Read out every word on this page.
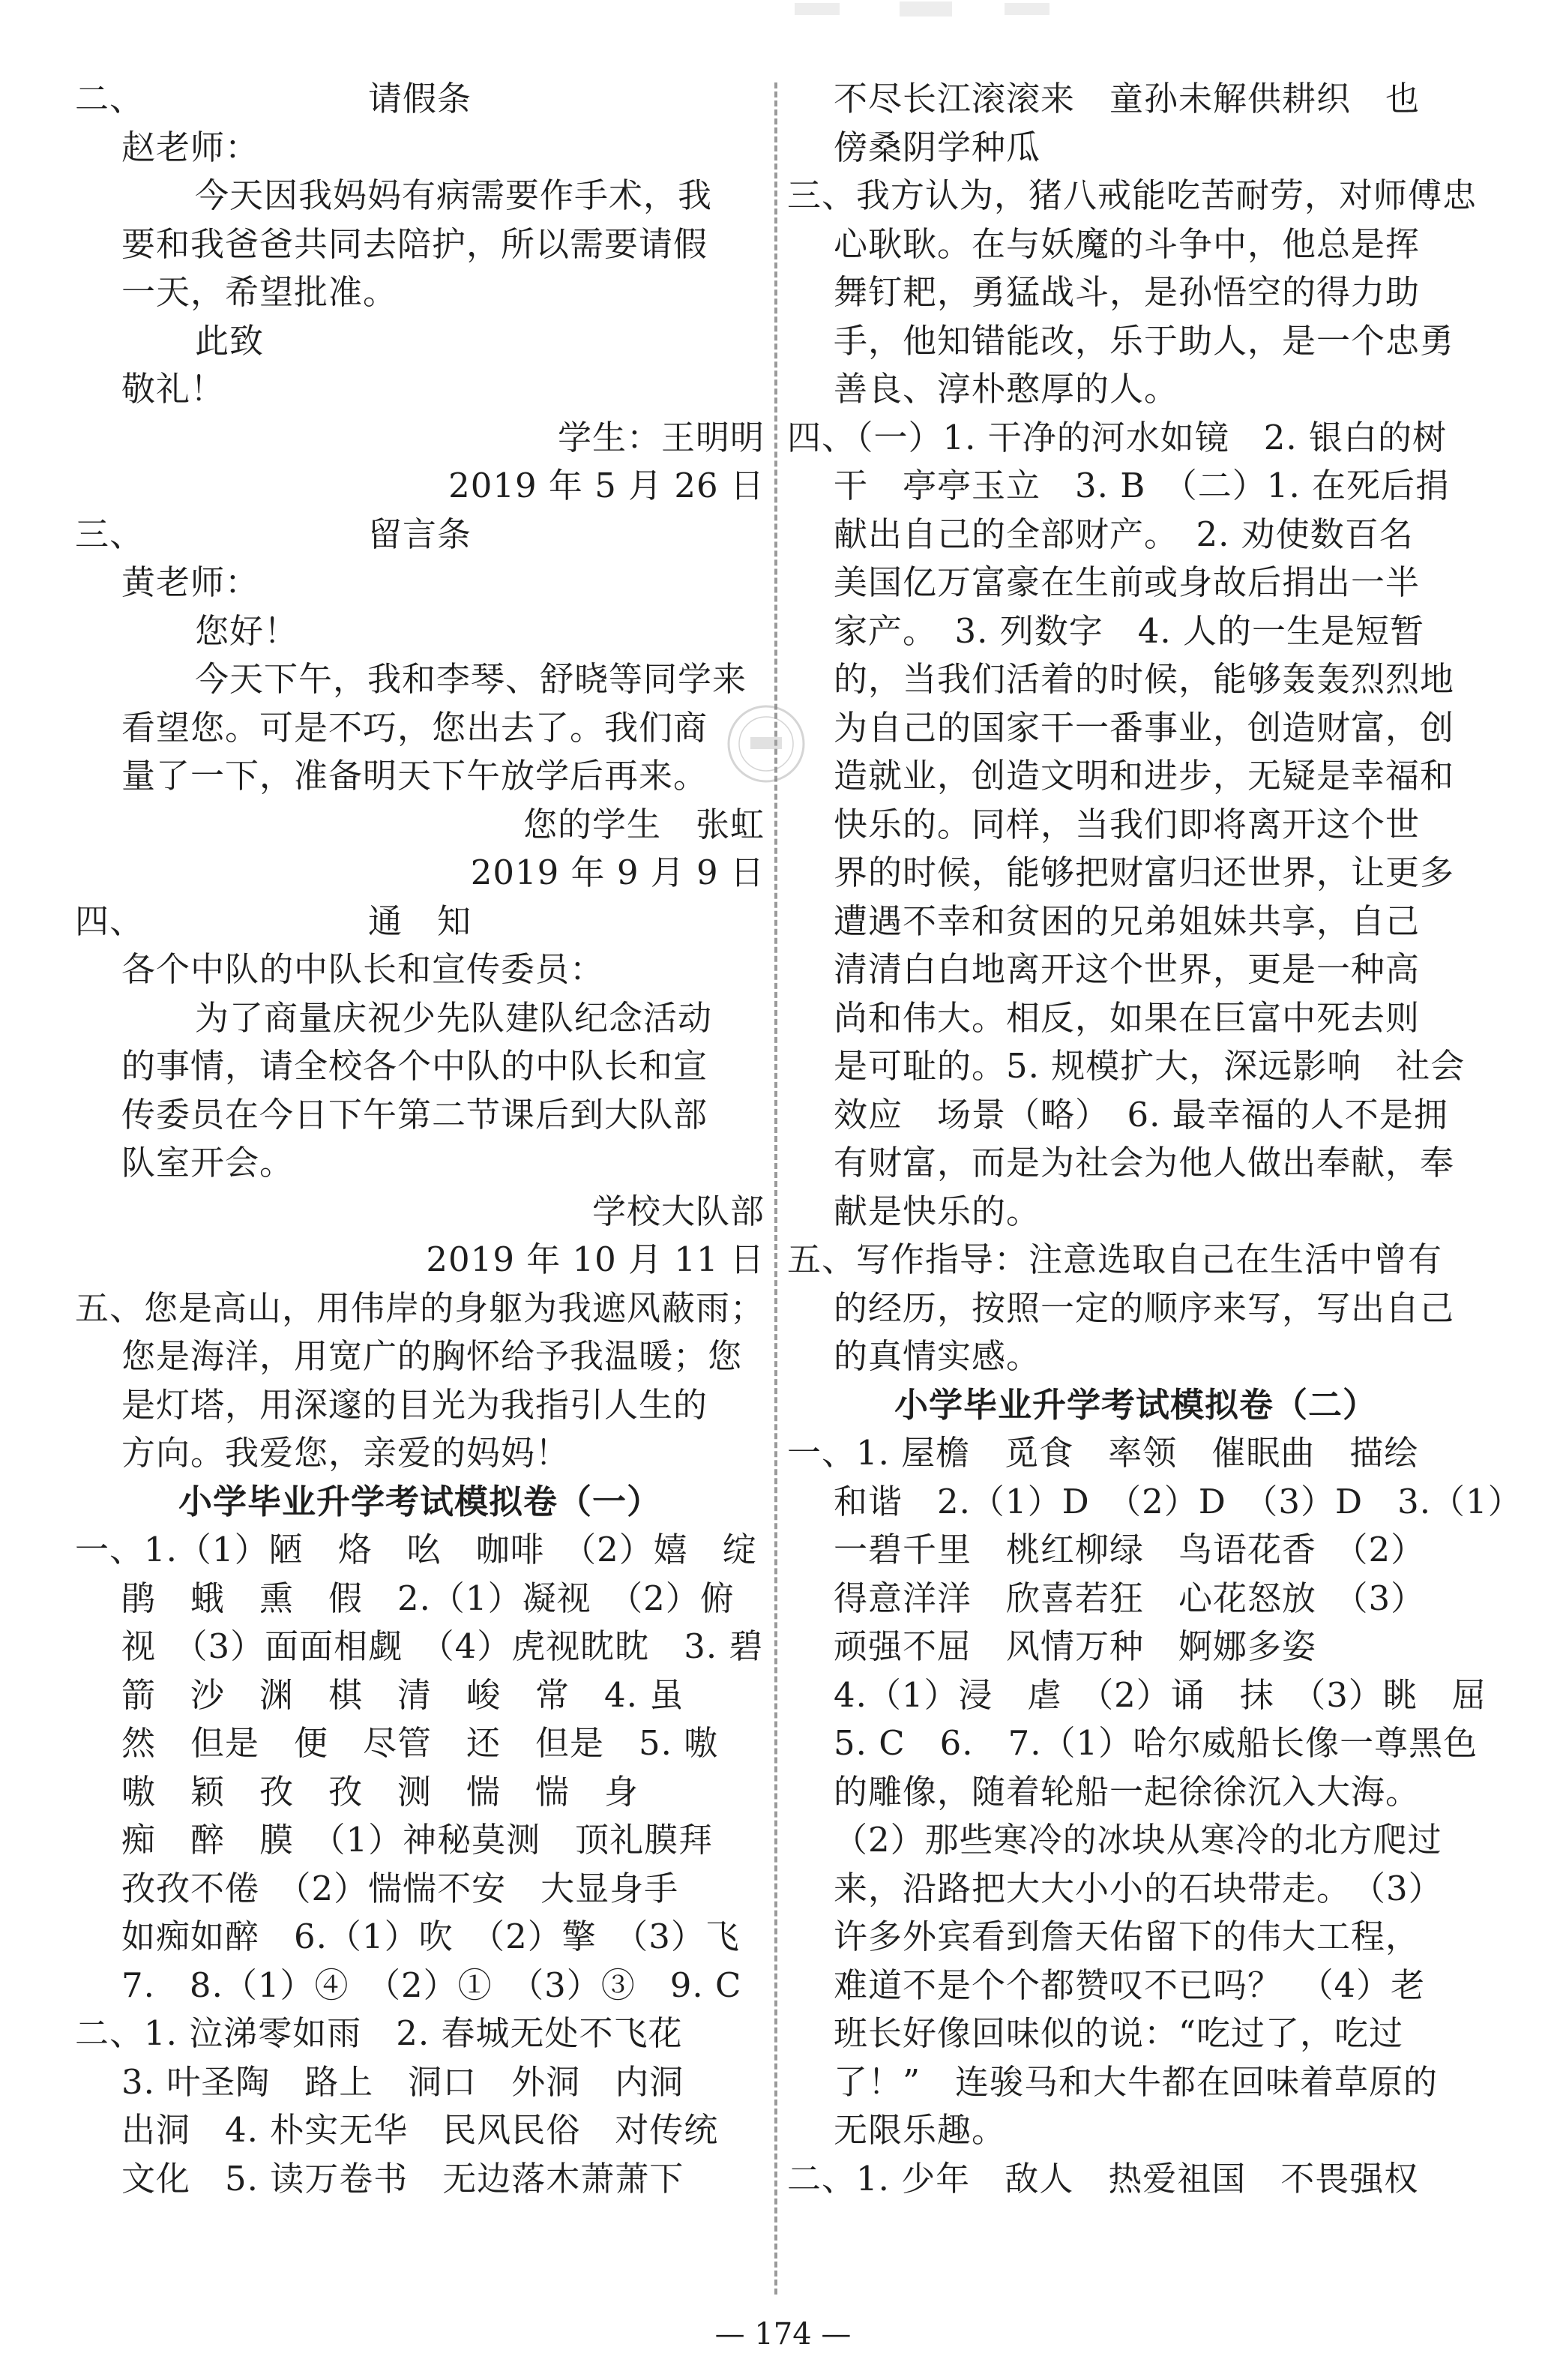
二、	请假条
赵老师：
今天因我妈妈有病需要作手术，我
要和我爸爸共同去陪护，所以需要请假
一天，希望批准。
此致
敬礼！
学生：王明明
2019 年 5 月 26 日
三、	留言条
黄老师：
您好！
今天下午，我和李琴、舒晓等同学来
看望您。可是不巧，您出去了。我们商
量了一下，准备明天下午放学后再来。
您的学生　张虹
2019 年 9 月 9 日
四、	通　知
各个中队的中队长和宣传委员：
为了商量庆祝少先队建队纪念活动
的事情，请全校各个中队的中队长和宣
传委员在今日下午第二节课后到大队部
队室开会。
学校大队部
2019 年 10 月 11 日
五、您是高山，用伟岸的身躯为我遮风蔽雨；
您是海洋，用宽广的胸怀给予我温暖；您
是灯塔，用深邃的目光为我指引人生的
方向。我爱您，亲爱的妈妈！
小学毕业升学考试模拟卷（一）
一、1.（1）陋　烙　吆　咖啡　（2）嬉　绽
鹃　蛾　熏　假　2.（1）凝视　（2）俯
视　（3）面面相觑　（4）虎视眈眈　3. 碧
箭　沙　渊　棋　清　峻　常　4. 虽
然　但是　便　尽管　还　但是　5. 嗷
嗷　颖　孜　孜　测　惴　惴　身
痴　醉　膜　（1）神秘莫测　顶礼膜拜
孜孜不倦　（2）惴惴不安　大显身手
如痴如醉　6.（1）吹　（2）擎　（3）飞
7.　8.（1）④　（2）①　（3）③　9. C
二、1. 泣涕零如雨　2. 春城无处不飞花
3. 叶圣陶　路上　洞口　外洞　内洞
出洞　4. 朴实无华　民风民俗　对传统
文化　5. 读万卷书　无边落木萧萧下
不尽长江滚滚来　童孙未解供耕织　也
傍桑阴学种瓜
三、我方认为，猪八戒能吃苦耐劳，对师傅忠
心耿耿。在与妖魔的斗争中，他总是挥
舞钉耙，勇猛战斗，是孙悟空的得力助
手，他知错能改，乐于助人，是一个忠勇
善良、淳朴憨厚的人。
四、（一）1. 干净的河水如镜　2. 银白的树
干　亭亭玉立　3. B　（二）1. 在死后捐
献出自己的全部财产。　2. 劝使数百名
美国亿万富豪在生前或身故后捐出一半
家产。　3. 列数字　4. 人的一生是短暂
的，当我们活着的时候，能够轰轰烈烈地
为自己的国家干一番事业，创造财富，创
造就业，创造文明和进步，无疑是幸福和
快乐的。同样，当我们即将离开这个世
界的时候，能够把财富归还世界，让更多
遭遇不幸和贫困的兄弟姐妹共享，自己
清清白白地离开这个世界，更是一种高
尚和伟大。相反，如果在巨富中死去则
是可耻的。5. 规模扩大，深远影响　社会
效应　场景（略）　6. 最幸福的人不是拥
有财富，而是为社会为他人做出奉献，奉
献是快乐的。
五、写作指导：注意选取自己在生活中曾有
的经历，按照一定的顺序来写，写出自己
的真情实感。
小学毕业升学考试模拟卷（二）
一、1. 屋檐　觅食　率领　催眠曲　描绘
和谐　2.（1）D　（2）D　（3）D　3.（1）
一碧千里　桃红柳绿　鸟语花香　（2）
得意洋洋　欣喜若狂　心花怒放　（3）
顽强不屈　风情万种　婀娜多姿
4.（1）浸　虐　（2）诵　抹　（3）眺　屈
5. C　6.　7.（1）哈尔威船长像一尊黑色
的雕像，随着轮船一起徐徐沉入大海。
（2）那些寒冷的冰块从寒冷的北方爬过
来，沿路把大大小小的石块带走。　（3）
许多外宾看到詹天佑留下的伟大工程，
难道不是个个都赞叹不已吗？　（4）老
班长好像回味似的说：“吃过了，吃过
了！”　连骏马和大牛都在回味着草原的
无限乐趣。
二、1. 少年　敌人　热爱祖国　不畏强权
— 174 —
